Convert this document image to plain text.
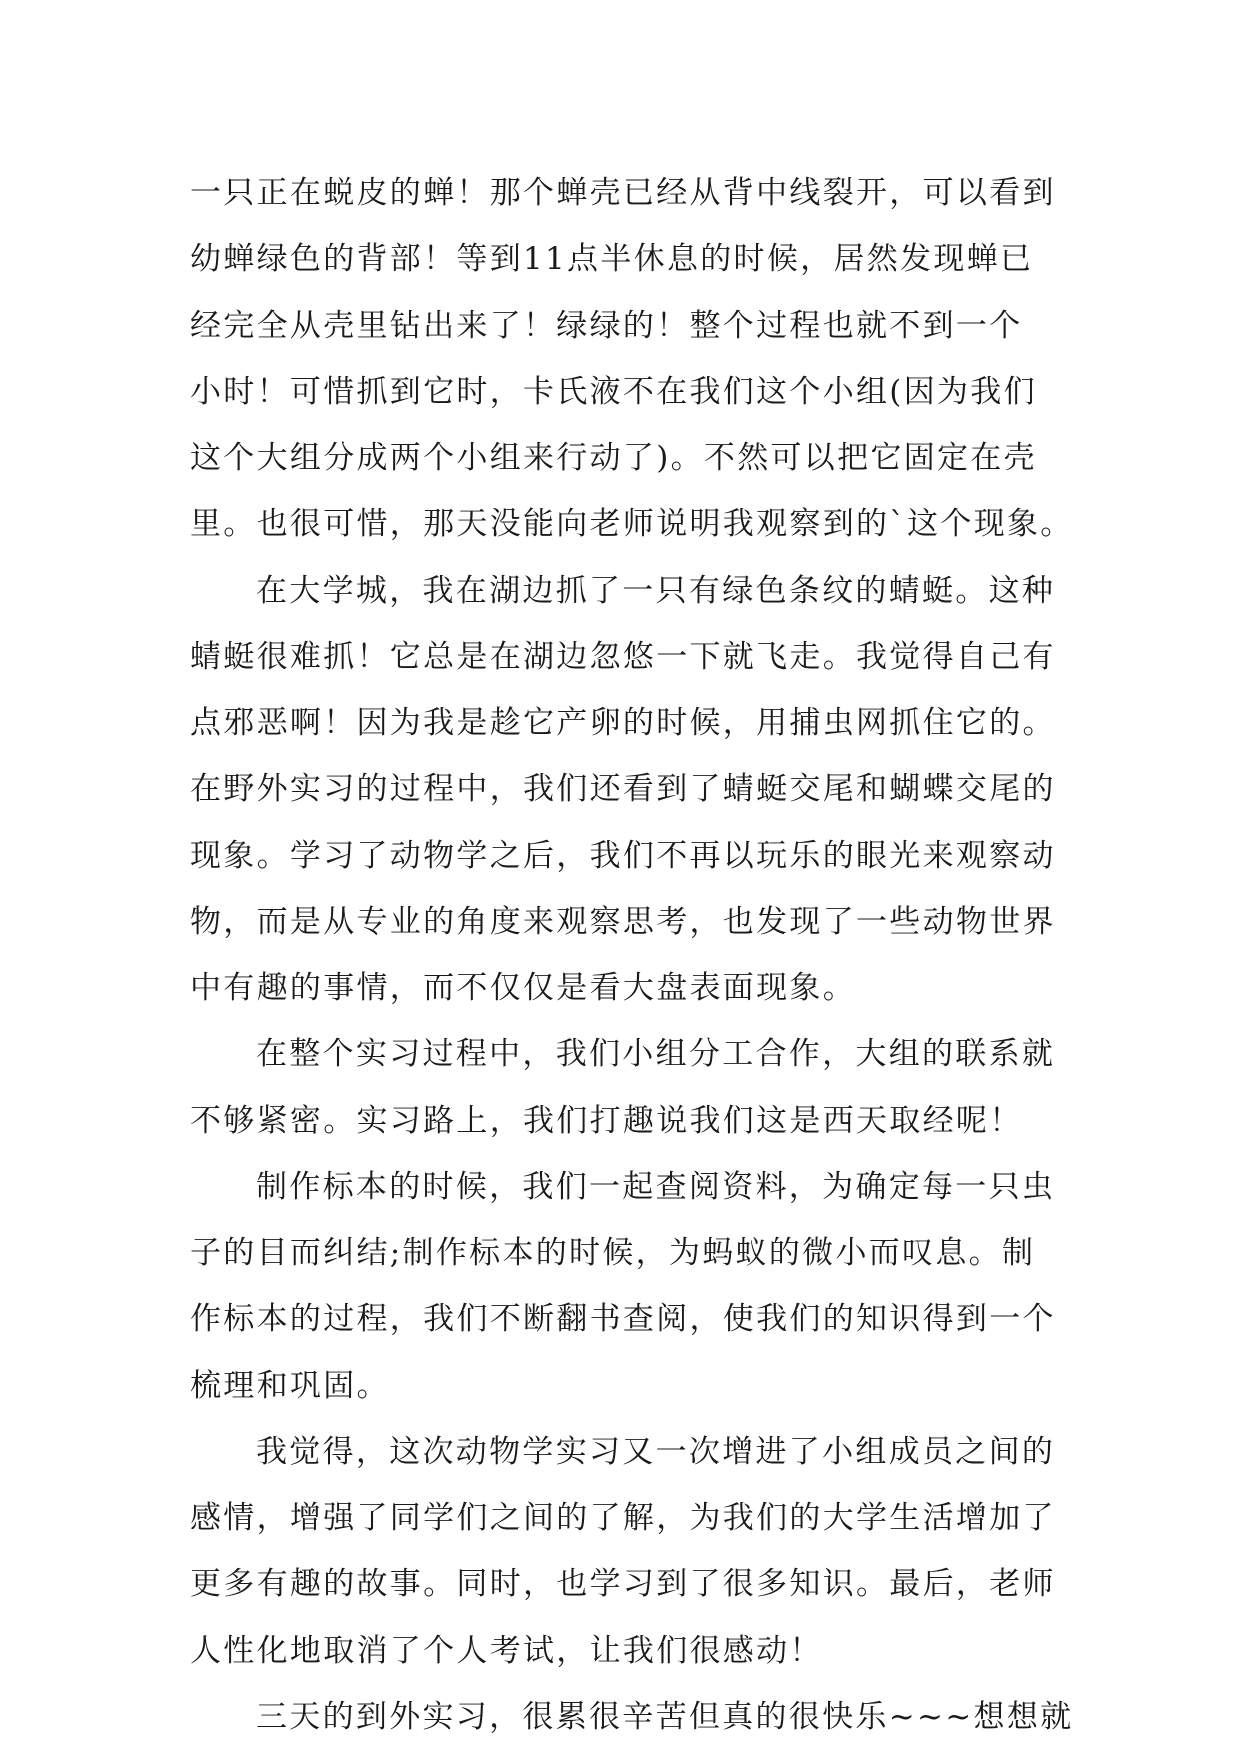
一只正在蜕皮的蝉！那个蝉壳已经从背中线裂开，可以看到
幼蝉绿色的背部！等到11点半休息的时候，居然发现蝉已
经完全从壳里钻出来了！绿绿的！整个过程也就不到一个
小时！可惜抓到它时，卡氏液不在我们这个小组(因为我们
这个大组分成两个小组来行动了)。不然可以把它固定在壳
里。也很可惜，那天没能向老师说明我观察到的`这个现象。
在大学城，我在湖边抓了一只有绿色条纹的蜻蜓。这种
蜻蜓很难抓！它总是在湖边忽悠一下就飞走。我觉得自己有
点邪恶啊！因为我是趁它产卵的时候，用捕虫网抓住它的。
在野外实习的过程中，我们还看到了蜻蜓交尾和蝴蝶交尾的
现象。学习了动物学之后，我们不再以玩乐的眼光来观察动
物，而是从专业的角度来观察思考，也发现了一些动物世界
中有趣的事情，而不仅仅是看大盘表面现象。
在整个实习过程中，我们小组分工合作，大组的联系就
不够紧密。实习路上，我们打趣说我们这是西天取经呢！
制作标本的时候，我们一起查阅资料，为确定每一只虫
子的目而纠结;制作标本的时候，为蚂蚁的微小而叹息。制
作标本的过程，我们不断翻书查阅，使我们的知识得到一个
梳理和巩固。
我觉得，这次动物学实习又一次增进了小组成员之间的
感情，增强了同学们之间的了解，为我们的大学生活增加了
更多有趣的故事。同时，也学习到了很多知识。最后，老师
人性化地取消了个人考试，让我们很感动！
三天的到外实习，很累很辛苦但真的很快乐~~~想想就
